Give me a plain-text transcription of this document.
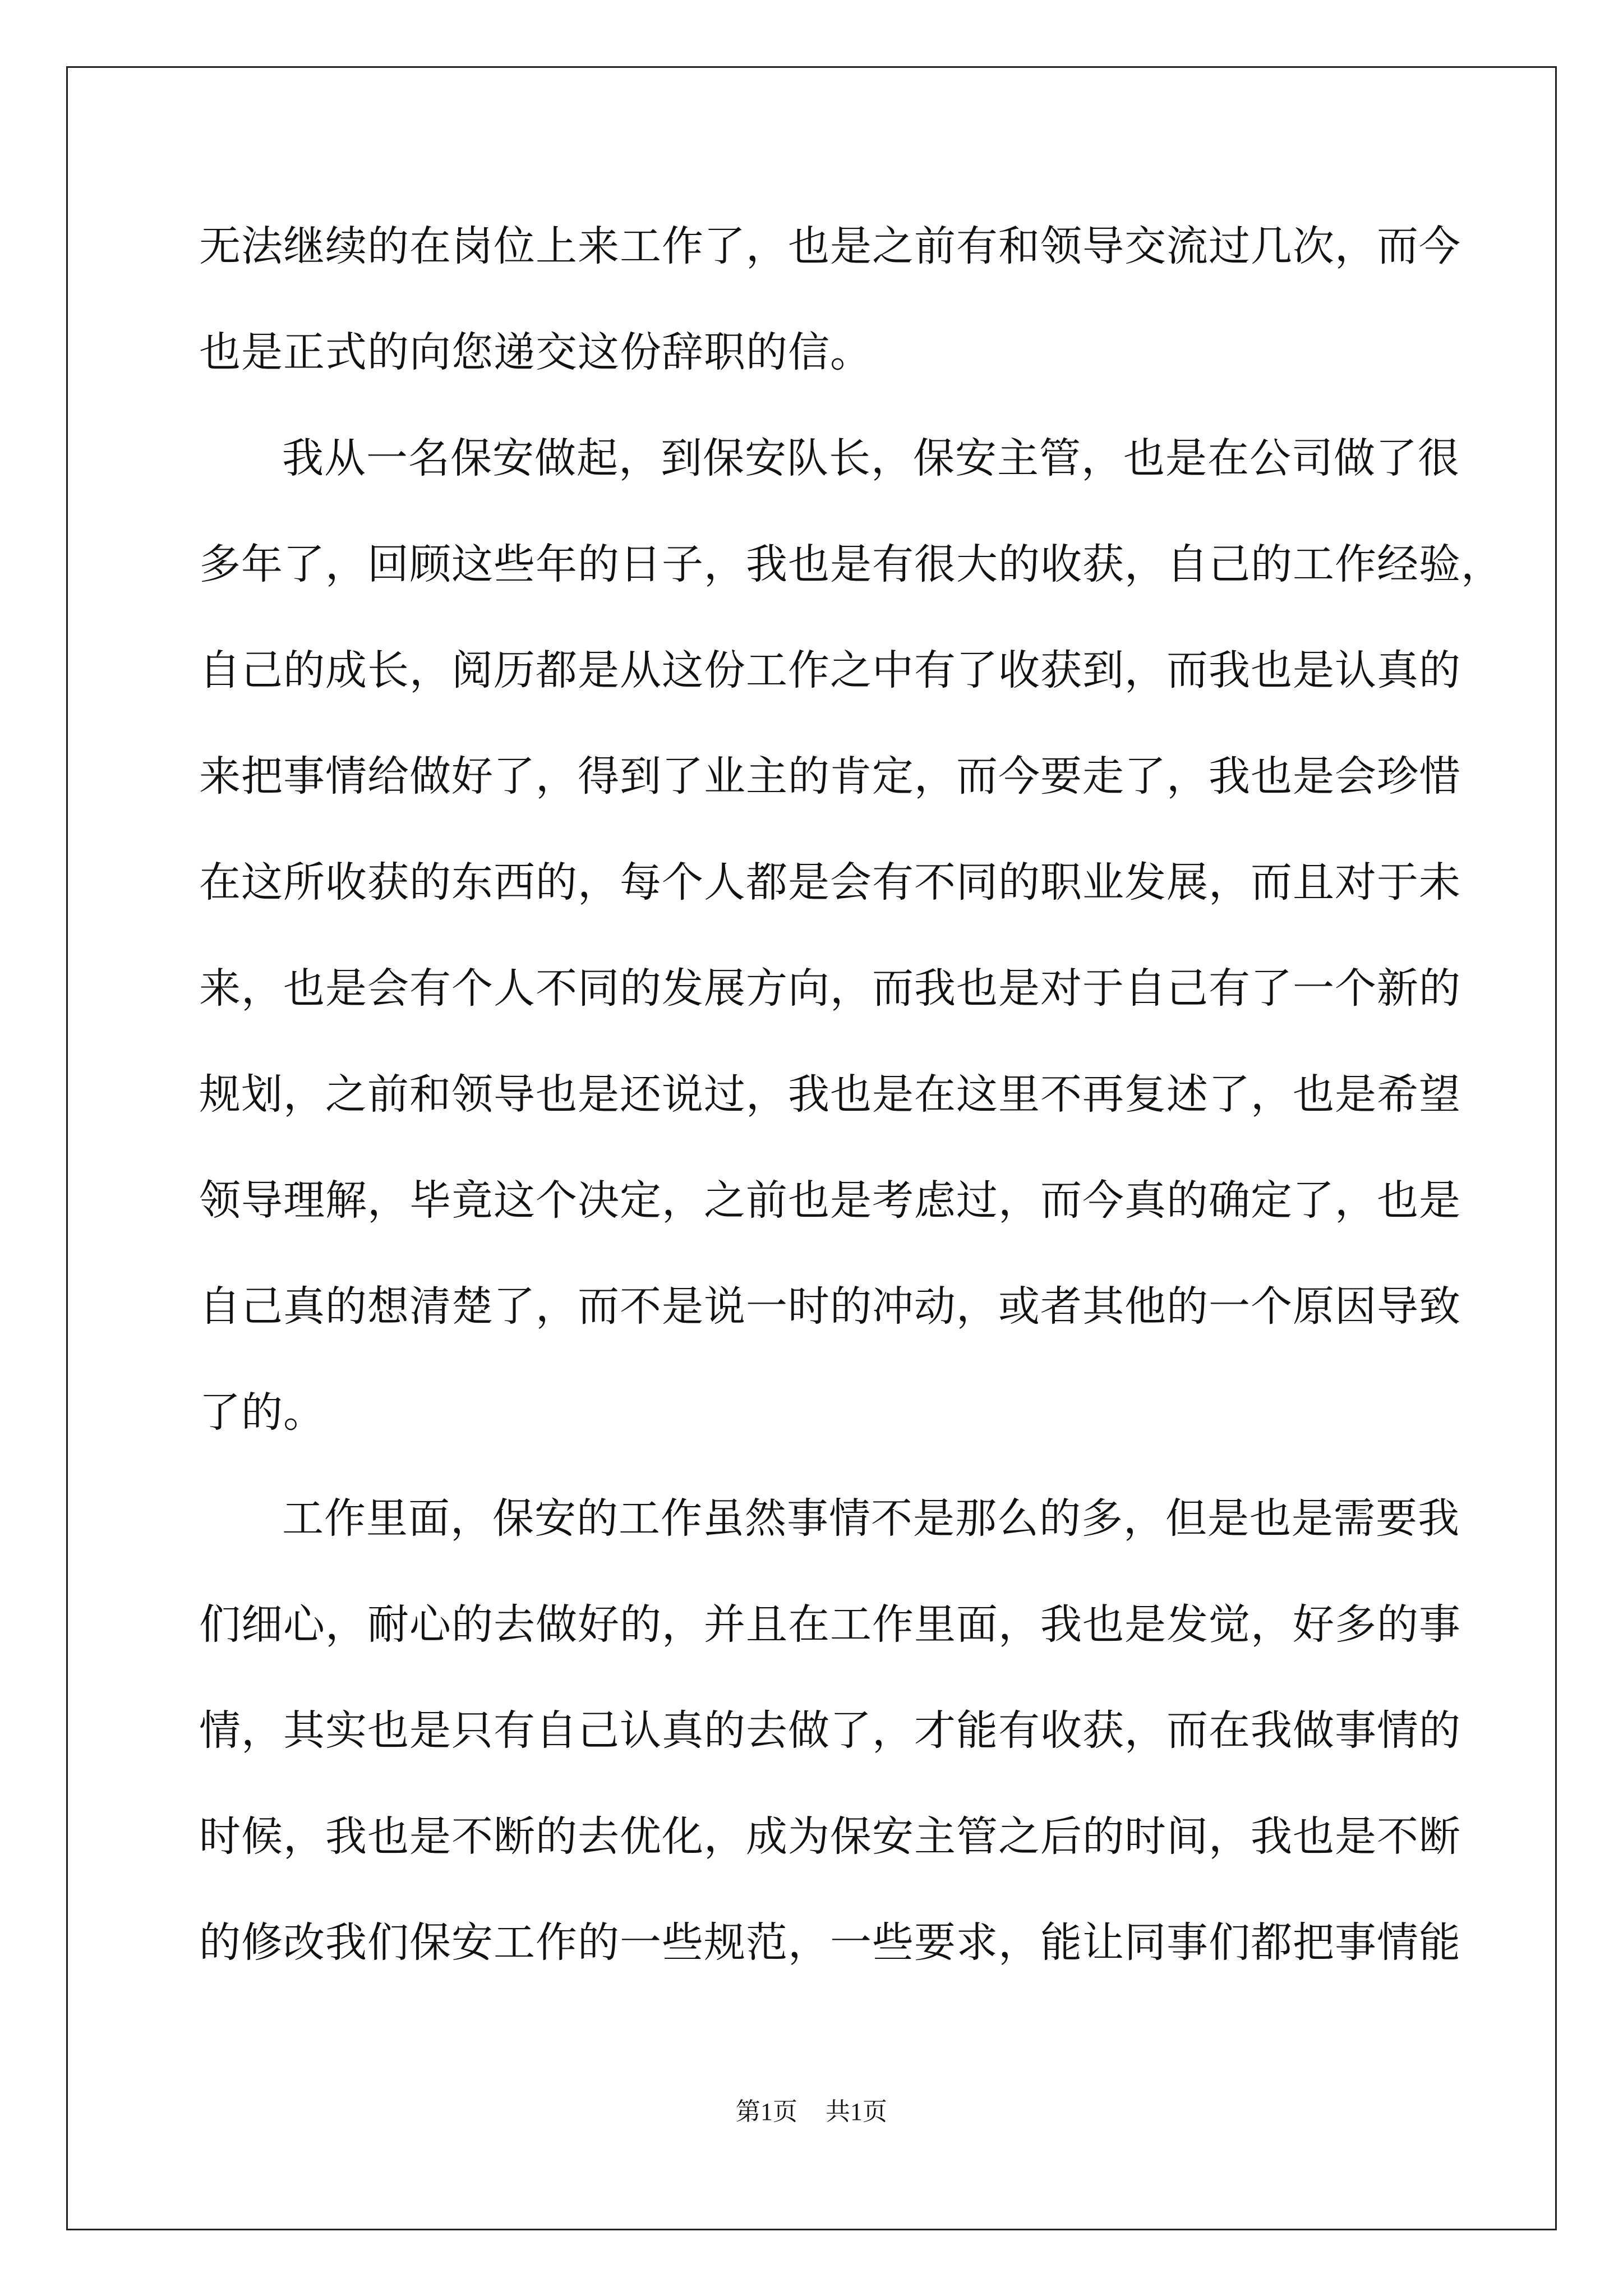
无法继续的在岗位上来工作了，也是之前有和领导交流过几次，而今
也是正式的向您递交这份辞职的信。
我从一名保安做起，到保安队长，保安主管，也是在公司做了很
多年了，回顾这些年的日子，我也是有很大的收获，自己的工作经验，
自己的成长，阅历都是从这份工作之中有了收获到，而我也是认真的
来把事情给做好了，得到了业主的肯定，而今要走了，我也是会珍惜
在这所收获的东西的，每个人都是会有不同的职业发展，而且对于未
来，也是会有个人不同的发展方向，而我也是对于自己有了一个新的
规划，之前和领导也是还说过，我也是在这里不再复述了，也是希望
领导理解，毕竟这个决定，之前也是考虑过，而今真的确定了，也是
自己真的想清楚了，而不是说一时的冲动，或者其他的一个原因导致
了的。
工作里面，保安的工作虽然事情不是那么的多，但是也是需要我
们细心，耐心的去做好的，并且在工作里面，我也是发觉，好多的事
情，其实也是只有自己认真的去做了，才能有收获，而在我做事情的
时候，我也是不断的去优化，成为保安主管之后的时间，我也是不断
的修改我们保安工作的一些规范，一些要求，能让同事们都把事情能
第1页 共1页
